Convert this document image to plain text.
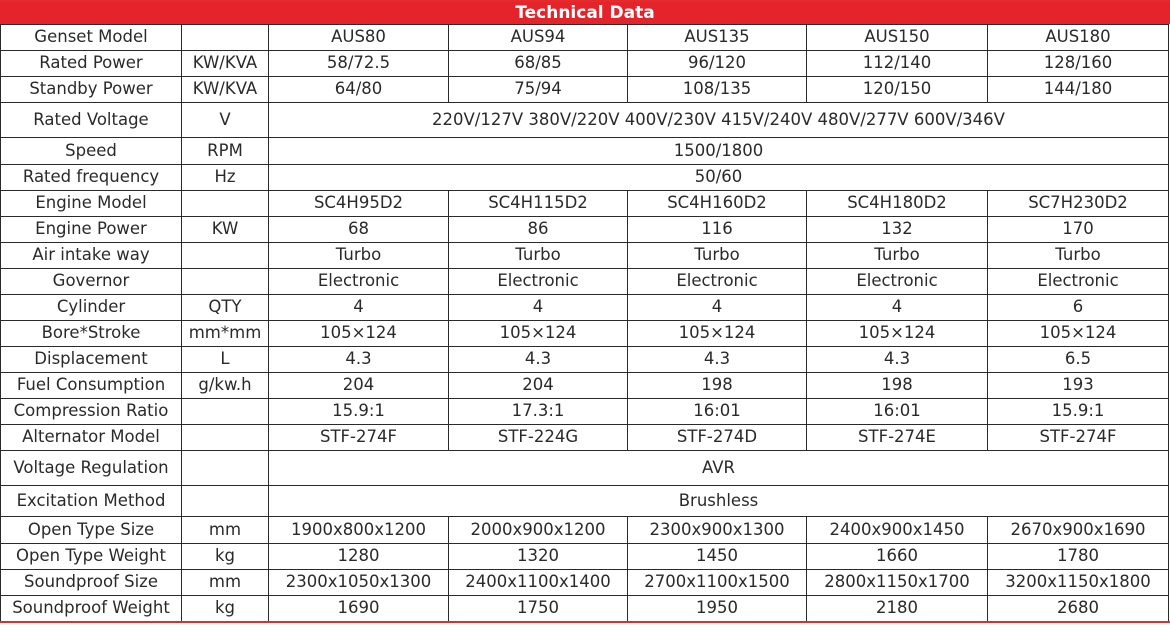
Technical Data
Genset Model		AUS80	AUS94	AUS135	AUS150	AUS180
Rated Power	KW/KVA	58/72.5	68/85	96/120	112/140	128/160
Standby Power	KW/KVA	64/80	75/94	108/135	120/150	144/180
Rated Voltage	V	220V/127V 380V/220V 400V/230V 415V/240V 480V/277V 600V/346V				
Speed	RPM	1500/1800				
Rated frequency	Hz	50/60				
Engine Model		SC4H95D2	SC4H115D2	SC4H160D2	SC4H180D2	SC7H230D2
Engine Power	KW	68	86	116	132	170
Air intake way		Turbo	Turbo	Turbo	Turbo	Turbo
Governor		Electronic	Electronic	Electronic	Electronic	Electronic
Cylinder	QTY	4	4	4	4	6
Bore*Stroke	mm*mm	105×124	105×124	105×124	105×124	105×124
Displacement	L	4.3	4.3	4.3	4.3	6.5
Fuel Consumption	g/kw.h	204	204	198	198	193
Compression Ratio		15.9:1	17.3:1	16:01	16:01	15.9:1
Alternator Model		STF-274F	STF-224G	STF-274D	STF-274E	STF-274F
Voltage Regulation		AVR				
Excitation Method		Brushless				
Open Type Size	mm	1900x800x1200	2000x900x1200	2300x900x1300	2400x900x1450	2670x900x1690
Open Type Weight	kg	1280	1320	1450	1660	1780
Soundproof Size	mm	2300x1050x1300	2400x1100x1400	2700x1100x1500	2800x1150x1700	3200x1150x1800
Soundproof Weight	kg	1690	1750	1950	2180	2680
